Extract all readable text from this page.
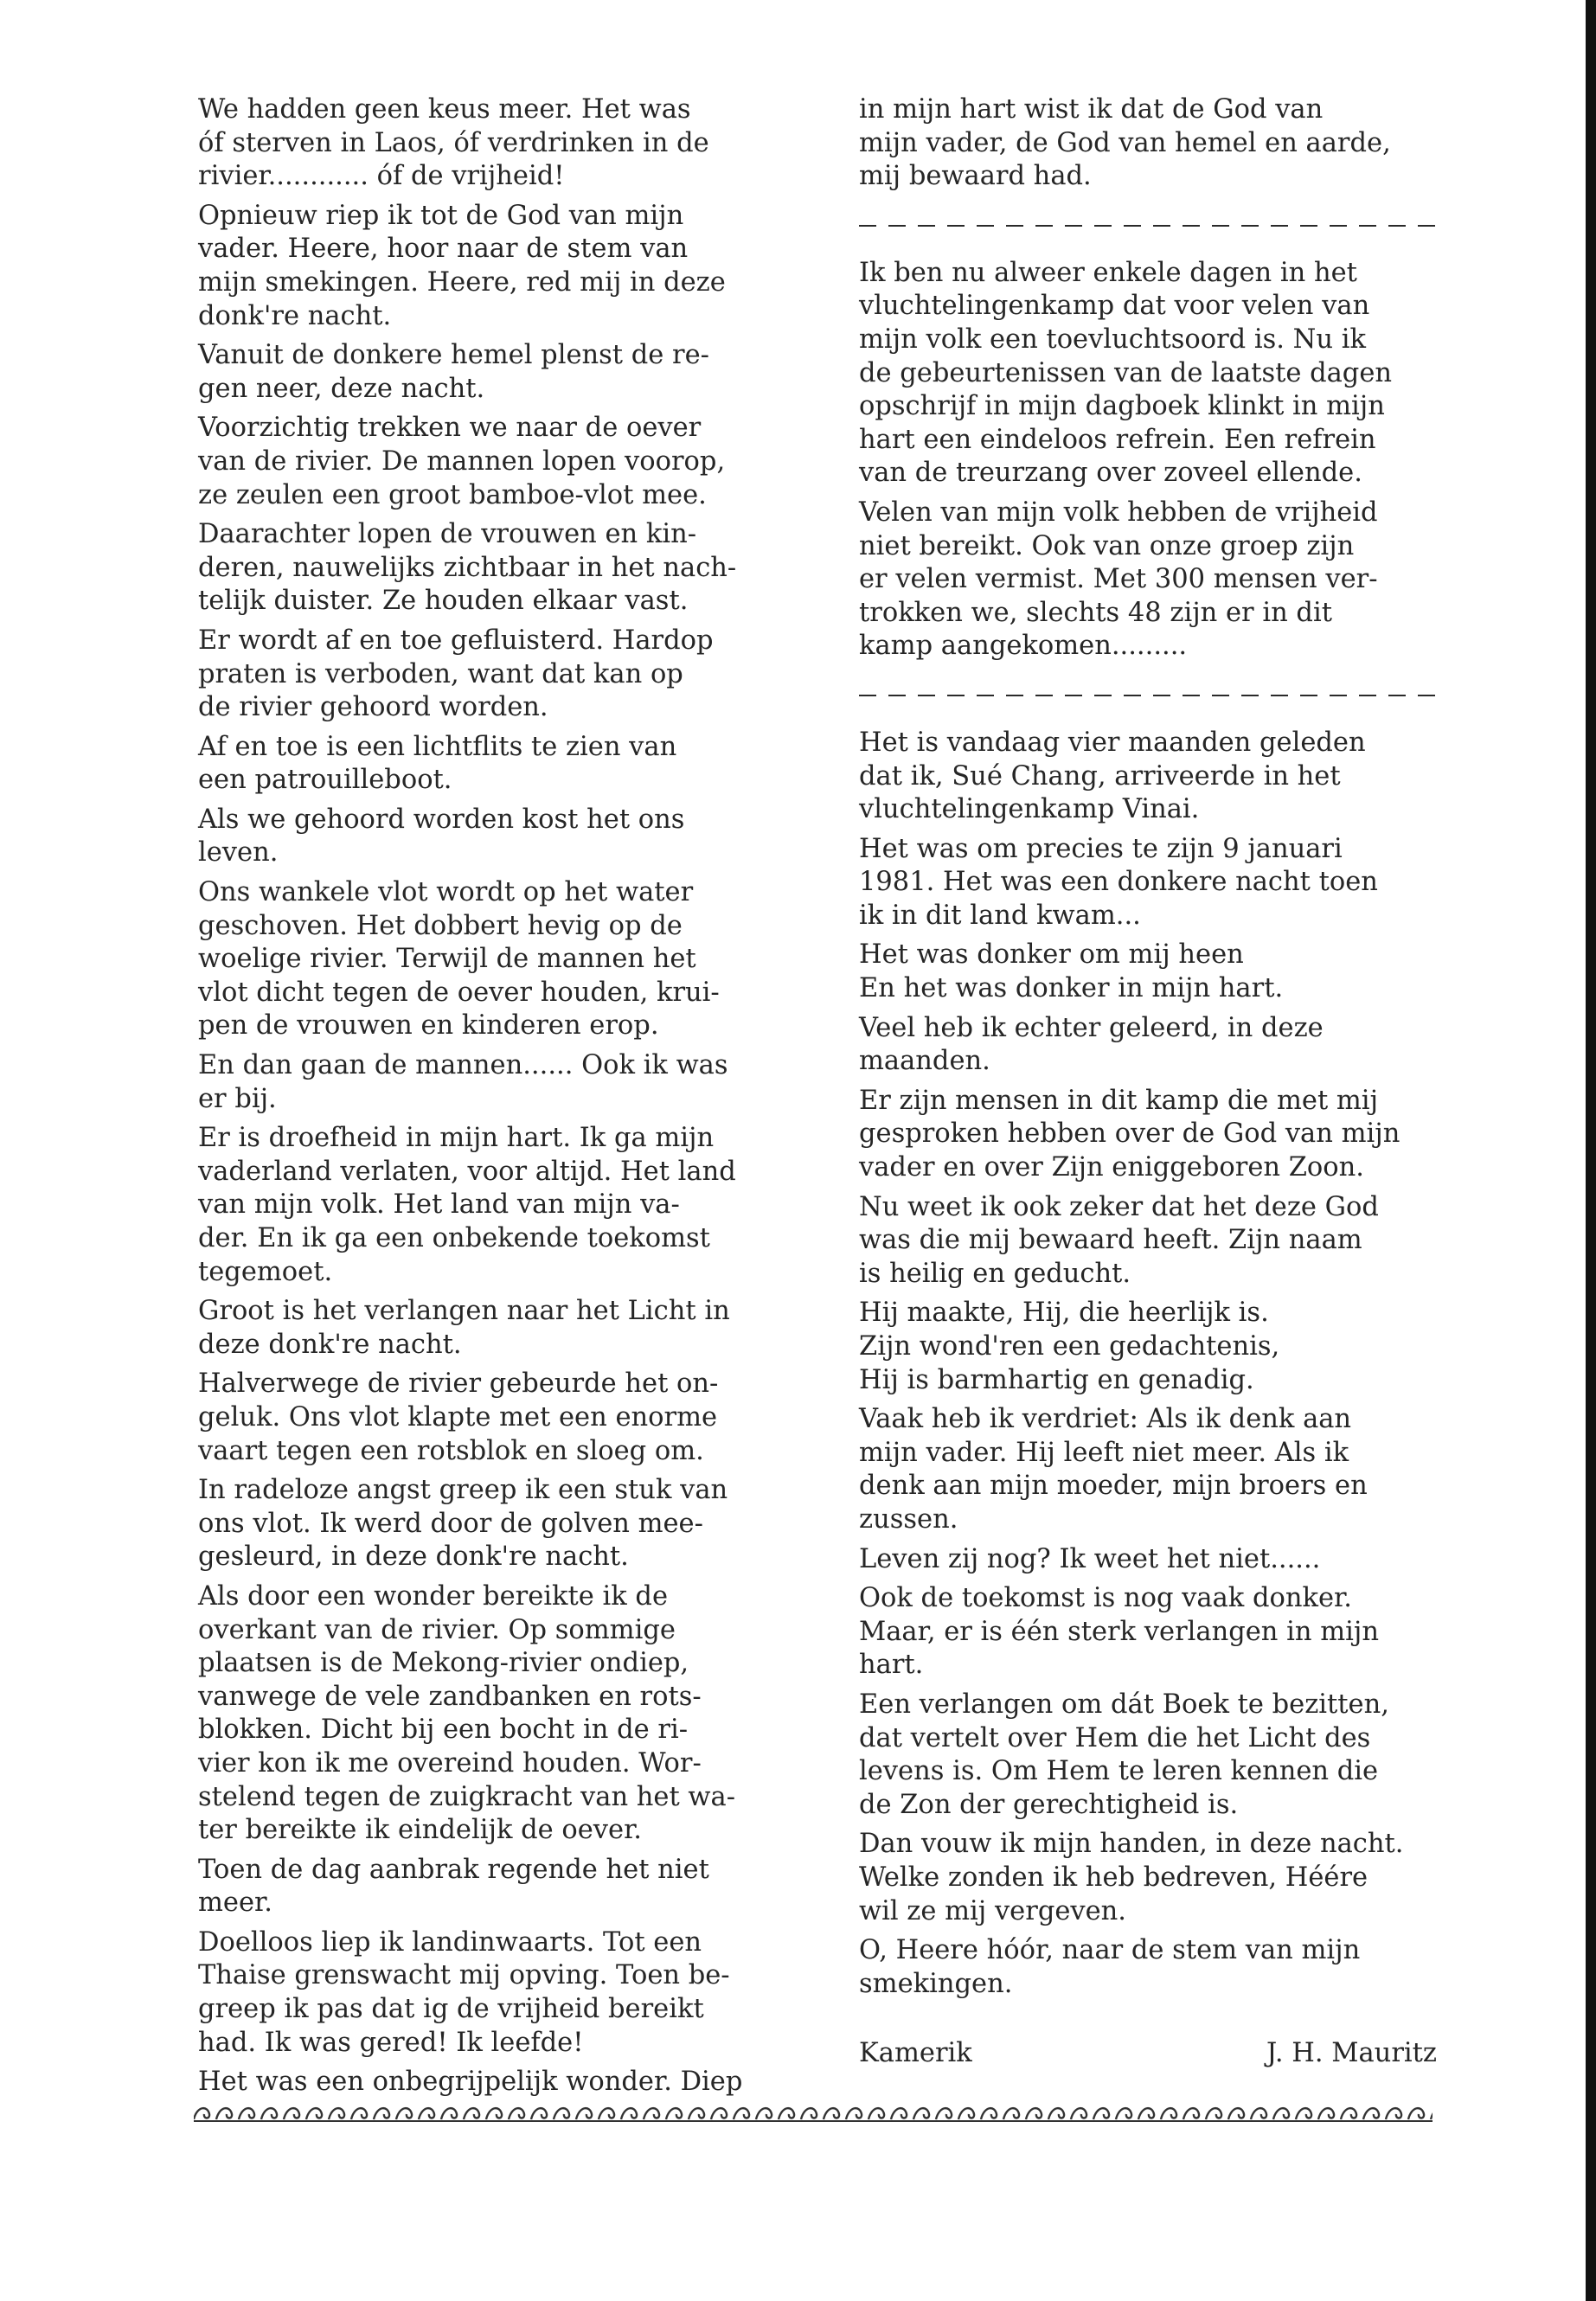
We hadden geen keus meer. Het was
óf sterven in Laos, óf verdrinken in de
rivier............ óf de vrijheid!
Opnieuw riep ik tot de God van mijn
vader. Heere, hoor naar de stem van
mijn smekingen. Heere, red mij in deze
donk're nacht.
Vanuit de donkere hemel plenst de re-
gen neer, deze nacht.
Voorzichtig trekken we naar de oever
van de rivier. De mannen lopen voorop,
ze zeulen een groot bamboe-vlot mee.
Daarachter lopen de vrouwen en kin-
deren, nauwelijks zichtbaar in het nach-
telijk duister. Ze houden elkaar vast.
Er wordt af en toe gefluisterd. Hardop
praten is verboden, want dat kan op
de rivier gehoord worden.
Af en toe is een lichtflits te zien van
een patrouilleboot.
Als we gehoord worden kost het ons
leven.
Ons wankele vlot wordt op het water
geschoven. Het dobbert hevig op de
woelige rivier. Terwijl de mannen het
vlot dicht tegen de oever houden, krui-
pen de vrouwen en kinderen erop.
En dan gaan de mannen...... Ook ik was
er bij.
Er is droefheid in mijn hart. Ik ga mijn
vaderland verlaten, voor altijd. Het land
van mijn volk. Het land van mijn va-
der. En ik ga een onbekende toekomst
tegemoet.
Groot is het verlangen naar het Licht in
deze donk're nacht.
Halverwege de rivier gebeurde het on-
geluk. Ons vlot klapte met een enorme
vaart tegen een rotsblok en sloeg om.
In radeloze angst greep ik een stuk van
ons vlot. Ik werd door de golven mee-
gesleurd, in deze donk're nacht.
Als door een wonder bereikte ik de
overkant van de rivier. Op sommige
plaatsen is de Mekong-rivier ondiep,
vanwege de vele zandbanken en rots-
blokken. Dicht bij een bocht in de ri-
vier kon ik me overeind houden. Wor-
stelend tegen de zuigkracht van het wa-
ter bereikte ik eindelijk de oever.
Toen de dag aanbrak regende het niet
meer.
Doelloos liep ik landinwaarts. Tot een
Thaise grenswacht mij opving. Toen be-
greep ik pas dat ig de vrijheid bereikt
had. Ik was gered! Ik leefde!
Het was een onbegrijpelijk wonder. Diep
in mijn hart wist ik dat de God van
mijn vader, de God van hemel en aarde,
mij bewaard had.
Ik ben nu alweer enkele dagen in het
vluchtelingenkamp dat voor velen van
mijn volk een toevluchtsoord is. Nu ik
de gebeurtenissen van de laatste dagen
opschrijf in mijn dagboek klinkt in mijn
hart een eindeloos refrein. Een refrein
van de treurzang over zoveel ellende.
Velen van mijn volk hebben de vrijheid
niet bereikt. Ook van onze groep zijn
er velen vermist. Met 300 mensen ver-
trokken we, slechts 48 zijn er in dit
kamp aangekomen.........
Het is vandaag vier maanden geleden
dat ik, Sué Chang, arriveerde in het
vluchtelingenkamp Vinai.
Het was om precies te zijn 9 januari
1981. Het was een donkere nacht toen
ik in dit land kwam...
Het was donker om mij heen
En het was donker in mijn hart.
Veel heb ik echter geleerd, in deze
maanden.
Er zijn mensen in dit kamp die met mij
gesproken hebben over de God van mijn
vader en over Zijn eniggeboren Zoon.
Nu weet ik ook zeker dat het deze God
was die mij bewaard heeft. Zijn naam
is heilig en geducht.
Hij maakte, Hij, die heerlijk is.
Zijn wond'ren een gedachtenis,
Hij is barmhartig en genadig.
Vaak heb ik verdriet: Als ik denk aan
mijn vader. Hij leeft niet meer. Als ik
denk aan mijn moeder, mijn broers en
zussen.
Leven zij nog? Ik weet het niet......
Ook de toekomst is nog vaak donker.
Maar, er is één sterk verlangen in mijn
hart.
Een verlangen om dát Boek te bezitten,
dat vertelt over Hem die het Licht des
levens is. Om Hem te leren kennen die
de Zon der gerechtigheid is.
Dan vouw ik mijn handen, in deze nacht.
Welke zonden ik heb bedreven, Héére
wil ze mij vergeven.
O, Heere hóór, naar de stem van mijn
smekingen.
Kamerik	J. H. Mauritz
